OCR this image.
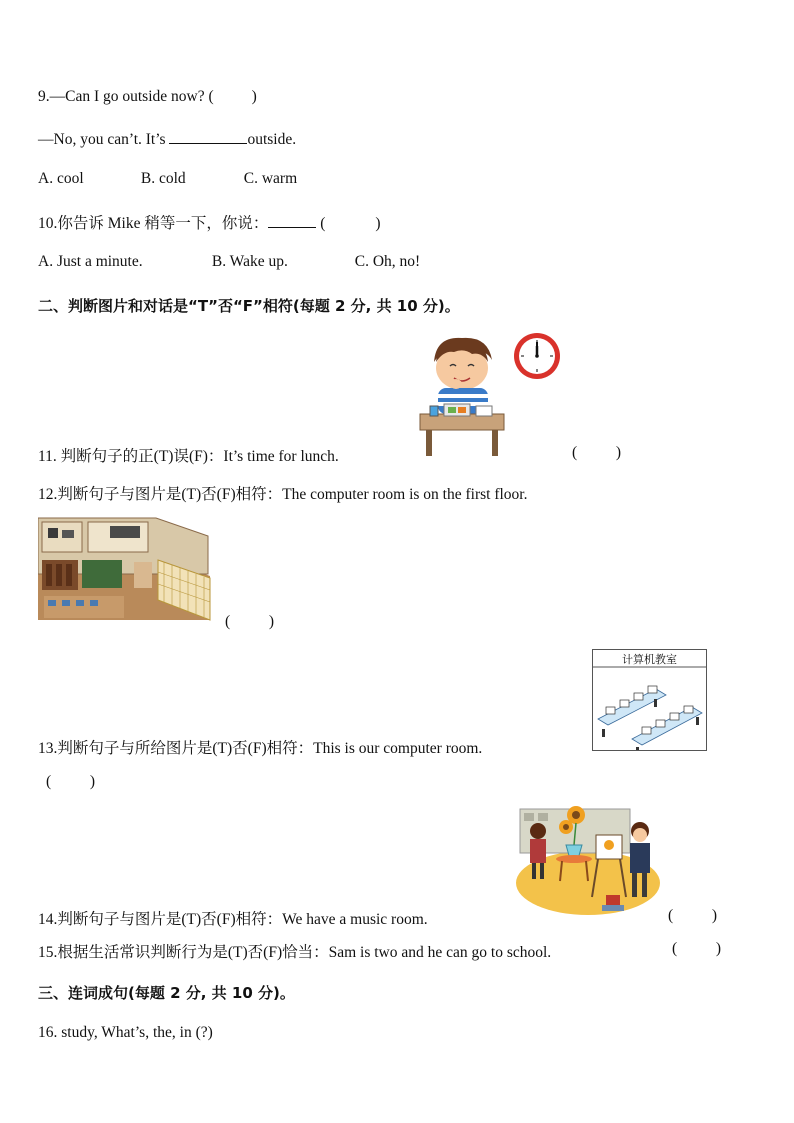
9.—Can I go outside now? ( )
—No, you can’t. It’s	outside.
A. cool	B. cold	C. warm
10.你告诉 Mike 稍等一下，你说：	(	)
A. Just a minute.	B. Wake up.	C. Oh, no!
二、判断图片和对话是“T”否“F”相符(每题 2 分, 共 10 分)。
11. 判断句子的正(T)误(F)：It’s time for lunch.	(          )
12.判断句子与图片是(T)否(F)相符：The computer room is on the first floor.
(          )
计算机教室
13.判断句子与所给图片是(T)否(F)相符：This is our computer room.
(          )
14.判断句子与图片是(T)否(F)相符：We have a music room.	(          )
15.根据生活常识判断行为是(T)否(F)恰当：Sam is two and he can go to school.	(          )
三、连词成句(每题 2 分, 共 10 分)。
16. study, What’s, the, in (?)
